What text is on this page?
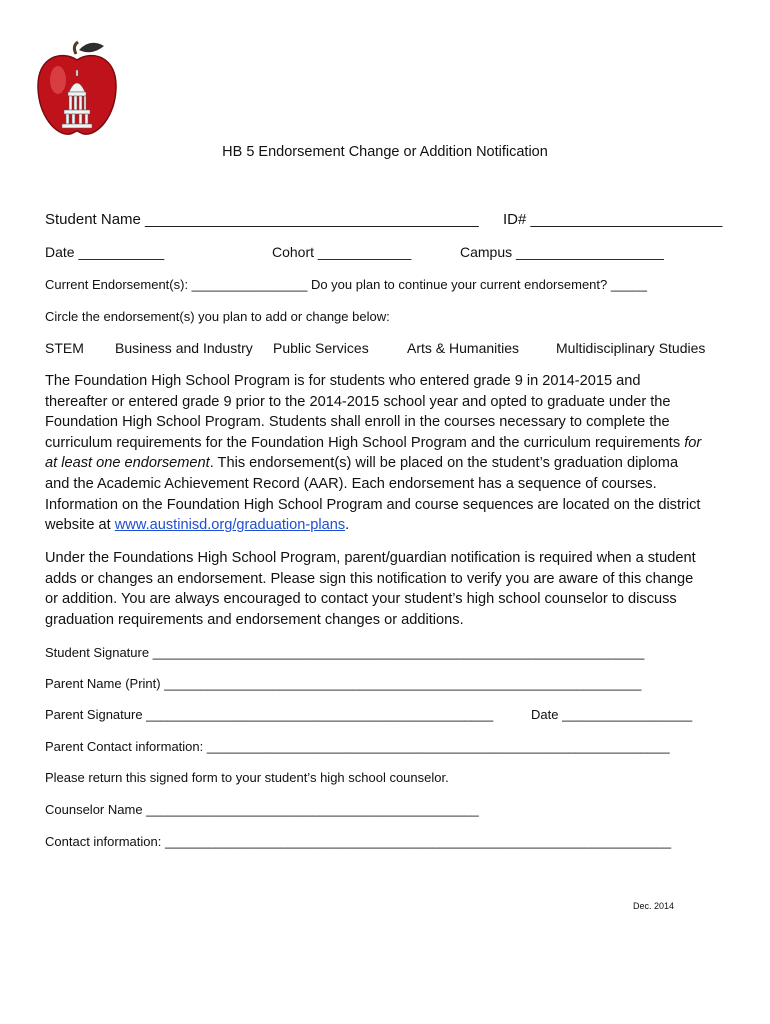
HB 5 Endorsement Change or Addition Notification
Student Name ________________________________________ ID# _______________________
Date ___________	Cohort ____________	Campus ___________________
Current Endorsement(s): ________________ Do you plan to continue your current endorsement? _____
Circle the endorsement(s) you plan to add or change below:
STEM Business and Industry Public Services	Arts & Humanities	Multidisciplinary Studies
The Foundation High School Program is for students who entered grade 9 in 2014-2015 and
thereafter or entered grade 9 prior to the 2014-2015 school year and opted to graduate under the
Foundation High School Program. Students shall enroll in the courses necessary to complete the
curriculum requirements for the Foundation High School Program and the curriculum requirements for
at least one endorsement. This endorsement(s) will be placed on the student’s graduation diploma
and the Academic Achievement Record (AAR). Each endorsement has a sequence of courses.
Information on the Foundation High School Program and course sequences are located on the district
website at www.austinisd.org/graduation-plans.
Under the Foundations High School Program, parent/guardian notification is required when a student
adds or changes an endorsement. Please sign this notification to verify you are aware of this change
or addition. You are always encouraged to contact your student’s high school counselor to discuss
graduation requirements and endorsement changes or additions.
Student Signature ____________________________________________________________________
Parent Name (Print) __________________________________________________________________
Parent Signature ________________________________________________	Date __________________
Parent Contact information: ________________________________________________________________
Please return this signed form to your student’s high school counselor.
Counselor Name ______________________________________________
Contact information: ______________________________________________________________________
Dec. 2014
